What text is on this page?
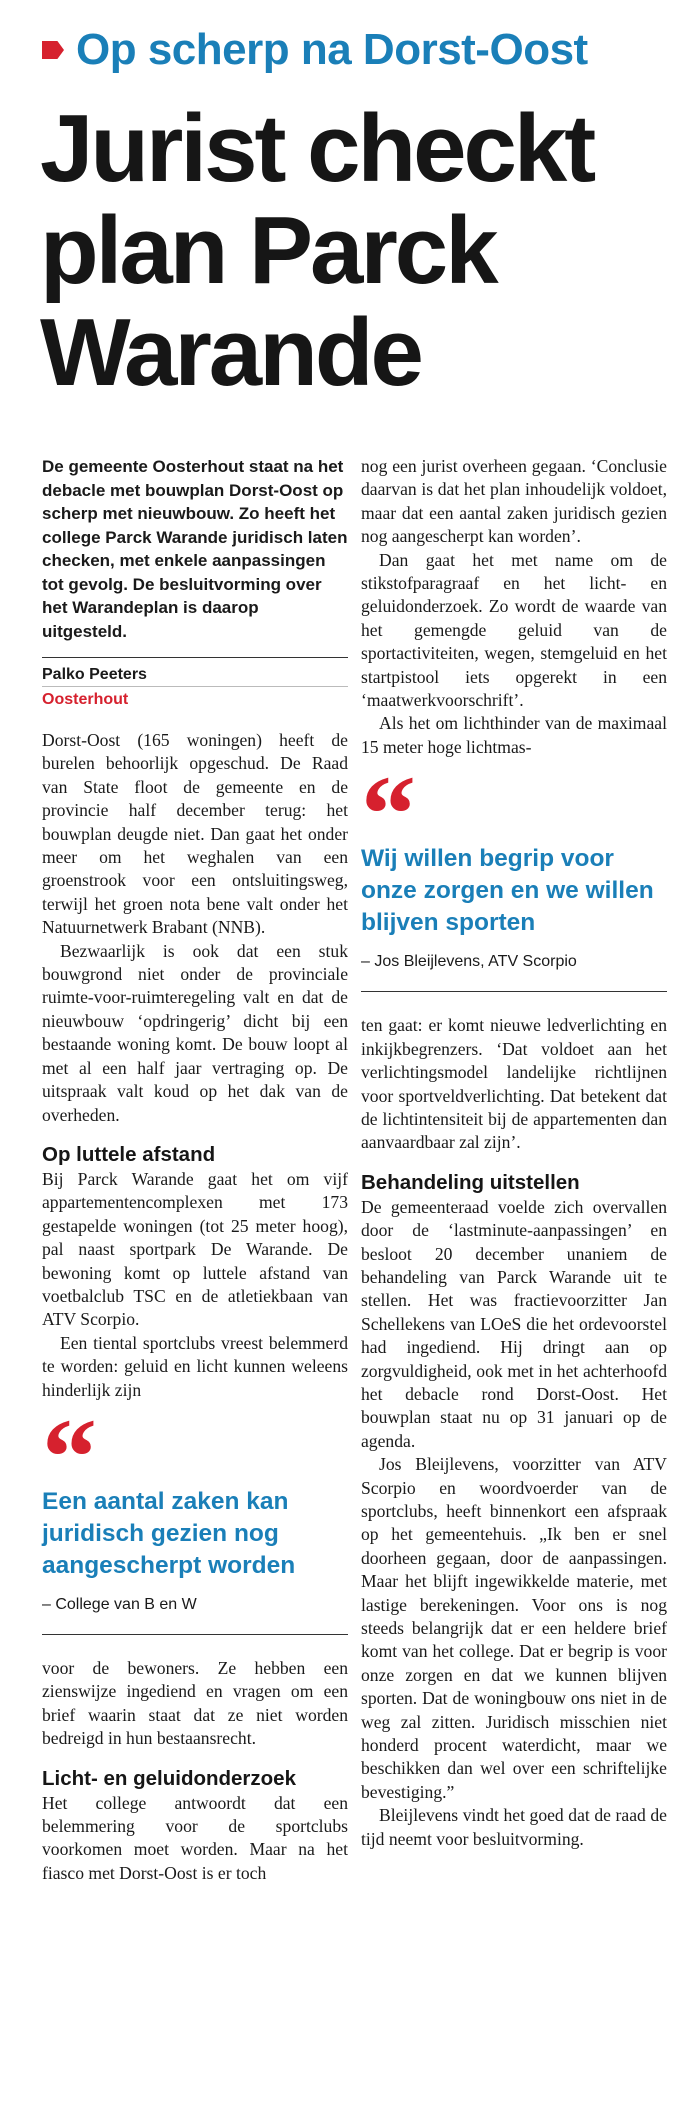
Op scherp na Dorst-Oost
Jurist checkt
plan Parck
Warande

De gemeente Oosterhout staat na het debacle met bouwplan Dorst-Oost op scherp met nieuwbouw. Zo heeft het college Parck Warande juridisch laten checken, met enkele aanpassingen tot gevolg. De besluitvorming over het Warandeplan is daarop uitgesteld.

Palko Peeters
Oosterhout

Dorst-Oost (165 woningen) heeft de burelen behoorlijk opgeschud. De Raad van State floot de gemeente en de provincie half december terug: het bouwplan deugde niet. Dan gaat het onder meer om het weghalen van een groenstrook voor een ontsluitingsweg, terwijl het groen nota bene valt onder het Natuurnetwerk Brabant (NNB).

Bezwaarlijk is ook dat een stuk bouwgrond niet onder de provinciale ruimte-voor-ruimteregeling valt en dat de nieuwbouw ‘opdringerig’ dicht bij een bestaande woning komt. De bouw loopt al met al een half jaar vertraging op. De uitspraak valt koud op het dak van de overheden.

Op luttele afstand

Bij Parck Warande gaat het om vijf appartementencomplexen met 173 gestapelde woningen (tot 25 meter hoog), pal naast sportpark De Warande. De bewoning komt op luttele afstand van voetbalclub TSC en de atletiekbaan van ATV Scorpio.

Een tiental sportclubs vreest belemmerd te worden: geluid en licht kunnen weleens hinderlijk zijn

“
Een aantal zaken kan juridisch gezien nog aangescherpt worden
– College van B en W

voor de bewoners. Ze hebben een zienswijze ingediend en vragen om een brief waarin staat dat ze niet worden bedreigd in hun bestaansrecht.

Licht- en geluidonderzoek

Het college antwoordt dat een belemmering voor de sportclubs voorkomen moet worden. Maar na het fiasco met Dorst-Oost is er toch

nog een jurist overheen gegaan. ‘Conclusie daarvan is dat het plan inhoudelijk voldoet, maar dat een aantal zaken juridisch gezien nog aangescherpt kan worden’.

Dan gaat het met name om de stikstofparagraaf en het licht- en geluidonderzoek. Zo wordt de waarde van het gemengde geluid van de sportactiviteiten, wegen, stemgeluid en het startpistool iets opgerekt in een ‘maatwerkvoorschrift’.

Als het om lichthinder van de maximaal 15 meter hoge lichtmas-

“
Wij willen begrip voor onze zorgen en we willen blijven sporten
– Jos Bleijlevens, ATV Scorpio

ten gaat: er komt nieuwe ledverlichting en inkijkbegrenzers. ‘Dat voldoet aan het verlichtingsmodel landelijke richtlijnen voor sportveldverlichting. Dat betekent dat de lichtintensiteit bij de appartementen dan aanvaardbaar zal zijn’.

Behandeling uitstellen

De gemeenteraad voelde zich overvallen door de ‘lastminute-aanpassingen’ en besloot 20 december unaniem de behandeling van Parck Warande uit te stellen. Het was fractievoorzitter Jan Schellekens van LOeS die het ordevoorstel had ingediend. Hij dringt aan op zorgvuldigheid, ook met in het achterhoofd het debacle rond Dorst-Oost. Het bouwplan staat nu op 31 januari op de agenda.

Jos Bleijlevens, voorzitter van ATV Scorpio en woordvoerder van de sportclubs, heeft binnenkort een afspraak op het gemeentehuis. „Ik ben er snel doorheen gegaan, door de aanpassingen. Maar het blijft ingewikkelde materie, met lastige berekeningen. Voor ons is nog steeds belangrijk dat er een heldere brief komt van het college. Dat er begrip is voor onze zorgen en dat we kunnen blijven sporten. Dat de woningbouw ons niet in de weg zal zitten. Juridisch misschien niet honderd procent waterdicht, maar we beschikken dan wel over een schriftelijke bevestiging.”

Bleijlevens vindt het goed dat de raad de tijd neemt voor besluitvorming.
